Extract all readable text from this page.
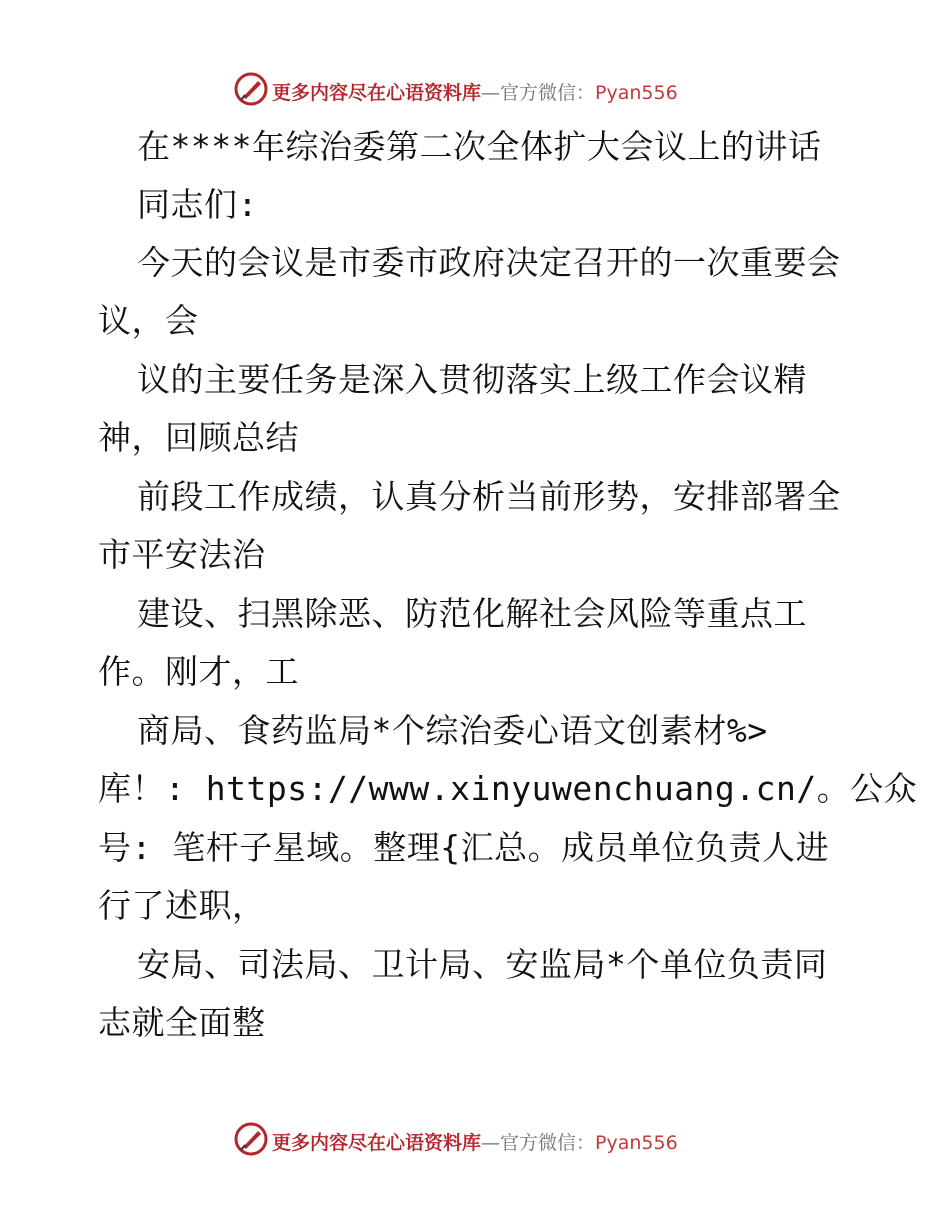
更多内容尽在心语资料库—官方微信：Pyan556
在****年综治委第二次全体扩大会议上的讲话
同志们:
今天的会议是市委市政府决定召开的一次重要会
议，会
议的主要任务是深入贯彻落实上级工作会议精
神，回顾总结
前段工作成绩，认真分析当前形势，安排部署全
市平安法治
建设、扫黑除恶、防范化解社会风险等重点工
作。刚才，工
商局、食药监局*个综治委心语文创素材%>
库！: https://www.xinyuwenchuang.cn/。公众
号: 笔杆子星域。整理{汇总。成员单位负责人进
行了述职，
安局、司法局、卫计局、安监局*个单位负责同
志就全面整
更多内容尽在心语资料库—官方微信：Pyan556
